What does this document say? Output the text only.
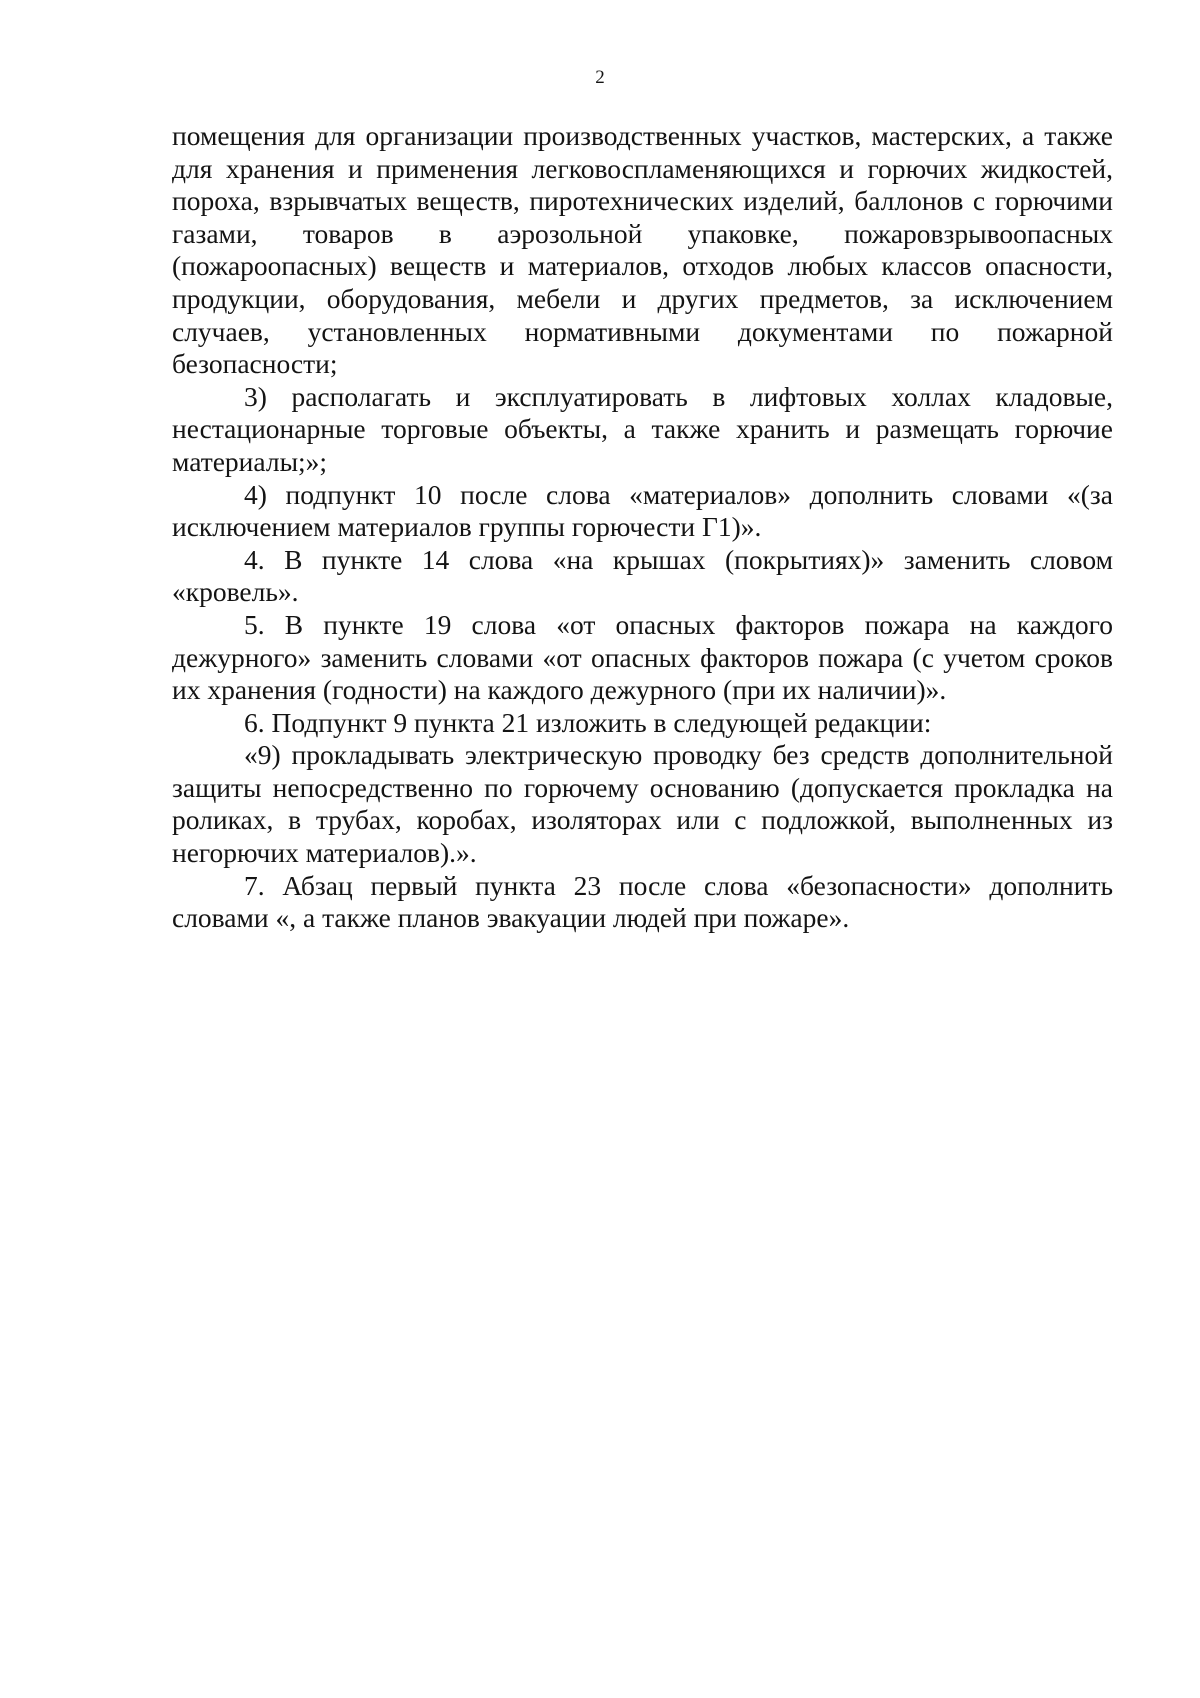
2

помещения для организации производственных участков, мастерских, а также для хранения и применения легковоспламеняющихся и горючих жидкостей, пороха, взрывчатых веществ, пиротехнических изделий, баллонов с горючими газами, товаров в аэрозольной упаковке, пожаровзрывоопасных (пожароопасных) веществ и материалов, отходов любых классов опасности, продукции, оборудования, мебели и других предметов, за исключением случаев, установленных нормативными документами по пожарной безопасности;

3) располагать и эксплуатировать в лифтовых холлах кладовые, нестационарные торговые объекты, а также хранить и размещать горючие материалы;»;

4) подпункт 10 после слова «материалов» дополнить словами «(за исключением материалов группы горючести Г1)».

4. В пункте 14 слова «на крышах (покрытиях)» заменить словом «кровель».

5. В пункте 19 слова «от опасных факторов пожара на каждого дежурного» заменить словами «от опасных факторов пожара (с учетом сроков их хранения (годности) на каждого дежурного (при их наличии)».

6. Подпункт 9 пункта 21 изложить в следующей редакции:

«9) прокладывать электрическую проводку без средств дополнительной защиты непосредственно по горючему основанию (допускается прокладка на роликах, в трубах, коробах, изоляторах или с подложкой, выполненных из негорючих материалов).».

7. Абзац первый пункта 23 после слова «безопасности» дополнить словами «, а также планов эвакуации людей при пожаре».
